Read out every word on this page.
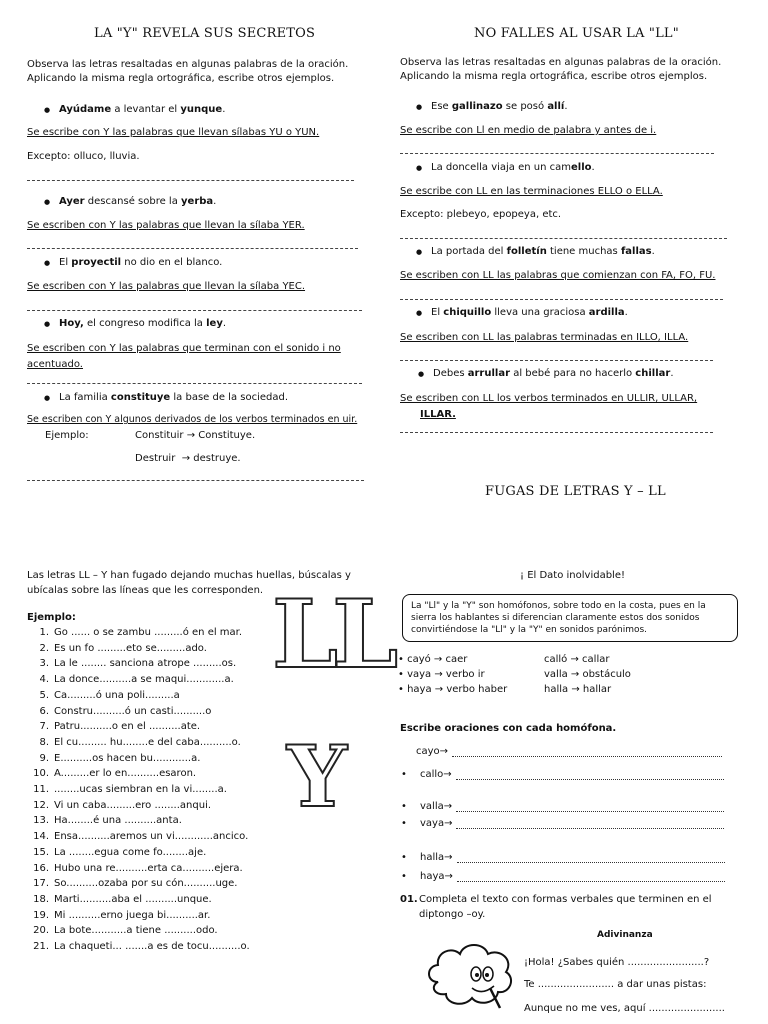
LA "Y" REVELA SUS SECRETOS
Observa las letras resaltadas en algunas palabras de la oración.
Aplicando la misma regla ortográfica, escribe otros ejemplos.
● Ayúdame a levantar el yunque.
Se escribe con Y las palabras que llevan sílabas YU o YUN.
Excepto: olluco, lluvia.
● Ayer descansé sobre la yerba.
Se escriben con Y las palabras que llevan la sílaba YER.
● El proyectil no dio en el blanco.
Se escriben con Y las palabras que llevan la sílaba YEC.
● Hoy, el congreso modifica la ley.
Se escriben con Y las palabras que terminan con el sonido i no
acentuado.
● La familia constituye la base de la sociedad.
Se escriben con Y algunos derivados de los verbos terminados en uir.
Ejemplo:	Constituir → Constituye.
Destruir  → destruye.
NO FALLES AL USAR LA "LL"
Observa las letras resaltadas en algunas palabras de la oración.
Aplicando la misma regla ortográfica, escribe otros ejemplos.
● Ese gallinazo se posó allí.
Se escribe con Ll en medio de palabra y antes de i.
● La doncella viaja en un camello.
Se escribe con LL en las terminaciones ELLO o ELLA.
Excepto: plebeyo, epopeya, etc.
● La portada del folletín tiene muchas fallas.
Se escriben con LL las palabras que comienzan con FA, FO, FU.
● El chiquillo lleva una graciosa ardilla.
Se escriben con LL las palabras terminadas en ILLO, ILLA.
● Debes arrullar al bebé para no hacerlo chillar.
Se escriben con LL los verbos terminados en ULLIR, ULLAR,
ILLAR.
FUGAS DE LETRAS Y – LL
Las letras LL – Y han fugado dejando muchas huellas, búscalas y
ubícalas sobre las líneas que les corresponden.
Ejemplo:
1. Go ...... o se zambu .........ó en el mar.
2. Es un fo .........eto se.........ado.
3. La le ........ sanciona atrope .........os.
4. La donce..........a se maqui............a.
5. Ca.........ó una poli.........a
6. Constru..........ó un casti..........o
7. Patru..........o en el ..........ate.
8. El cu......... hu........e del caba..........o.
9. E..........os hacen bu............a.
10. A.........er lo en..........esaron.
11. ........ucas siembran en la vi........a.
12. Vi un caba.........ero ........anqui.
13. Ha........é una ..........anta.
14. Ensa..........aremos un vi............ancico.
15. La ........egua come fo........aje.
16. Hubo una re..........erta ca..........ejera.
17. So..........ozaba por su cón..........uge.
18. Marti..........aba el ..........unque.
19. Mi ..........erno juega bi..........ar.
20. La bote...........a tiene ..........odo.
21. La chaqueti... .......a es de tocu..........o.
LL
Y
¡ El Dato inolvidable!
La "Ll" y la "Y" son homófonos, sobre todo en la costa, pues en la sierra los hablantes si diferencian claramente estos dos sonidos convirtiéndose la "Ll" y la "Y" en sonidos parónimos.
• cayó → caer	calló → callar
• vaya → verbo ir	valla → obstáculo
• haya → verbo haber	halla → hallar
Escribe oraciones con cada homófona.
cayo→
• callo→
• valla→
• vaya→
• halla→
• haya→
01. Completa el texto con formas verbales que terminen en el
diptongo –oy.
Adivinanza
¡Hola! ¿Sabes quién ........................?
Te ........................ a dar unas pistas:
Aunque no me ves, aquí ........................
